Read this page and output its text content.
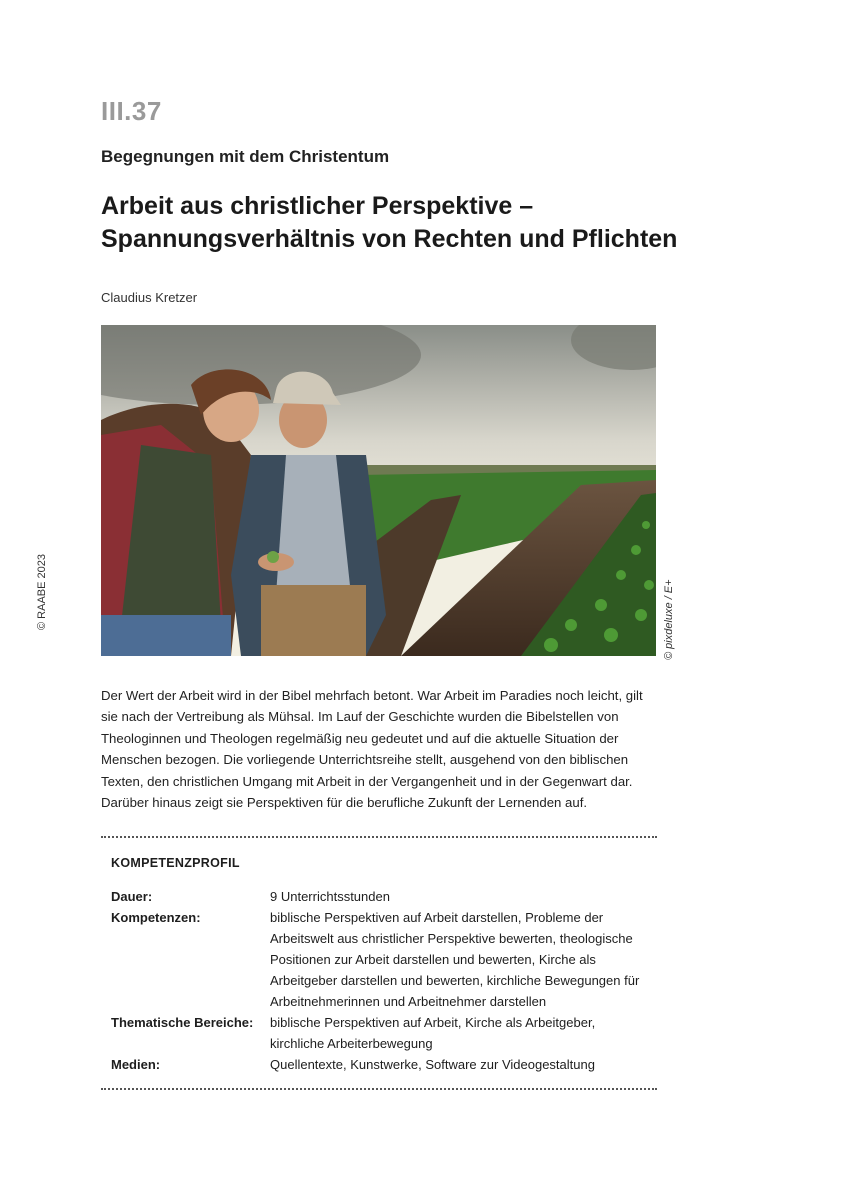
III.37
Begegnungen mit dem Christentum
Arbeit aus christlicher Perspektive –
Spannungsverhältnis von Rechten und Pflichten
Claudius Kretzer
© pixdeluxe / E+
© RAABE 2023
Der Wert der Arbeit wird in der Bibel mehrfach betont. War Arbeit im Paradies noch leicht, gilt sie nach der Vertreibung als Mühsal. Im Lauf der Geschichte wurden die Bibelstellen von Theologinnen und Theologen regelmäßig neu gedeutet und auf die aktuelle Situation der Menschen bezogen. Die vorliegende Unterrichtsreihe stellt, ausgehend von den biblischen Texten, den christlichen Umgang mit Arbeit in der Vergangenheit und in der Gegenwart dar. Darüber hinaus zeigt sie Perspektiven für die berufliche Zukunft der Lernenden auf.
KOMPETENZPROFIL
Dauer:	9 Unterrichtsstunden
Kompetenzen:	biblische Perspektiven auf Arbeit darstellen, Probleme der Arbeitswelt aus christlicher Perspektive bewerten, theologische Positionen zur Arbeit darstellen und bewerten, Kirche als Arbeitgeber darstellen und bewerten, kirchliche Bewegungen für Arbeitnehmerinnen und Arbeitnehmer darstellen
Thematische Bereiche:	biblische Perspektiven auf Arbeit, Kirche als Arbeitgeber, kirchliche Arbeiterbewegung
Medien:	Quellentexte, Kunstwerke, Software zur Videogestaltung
